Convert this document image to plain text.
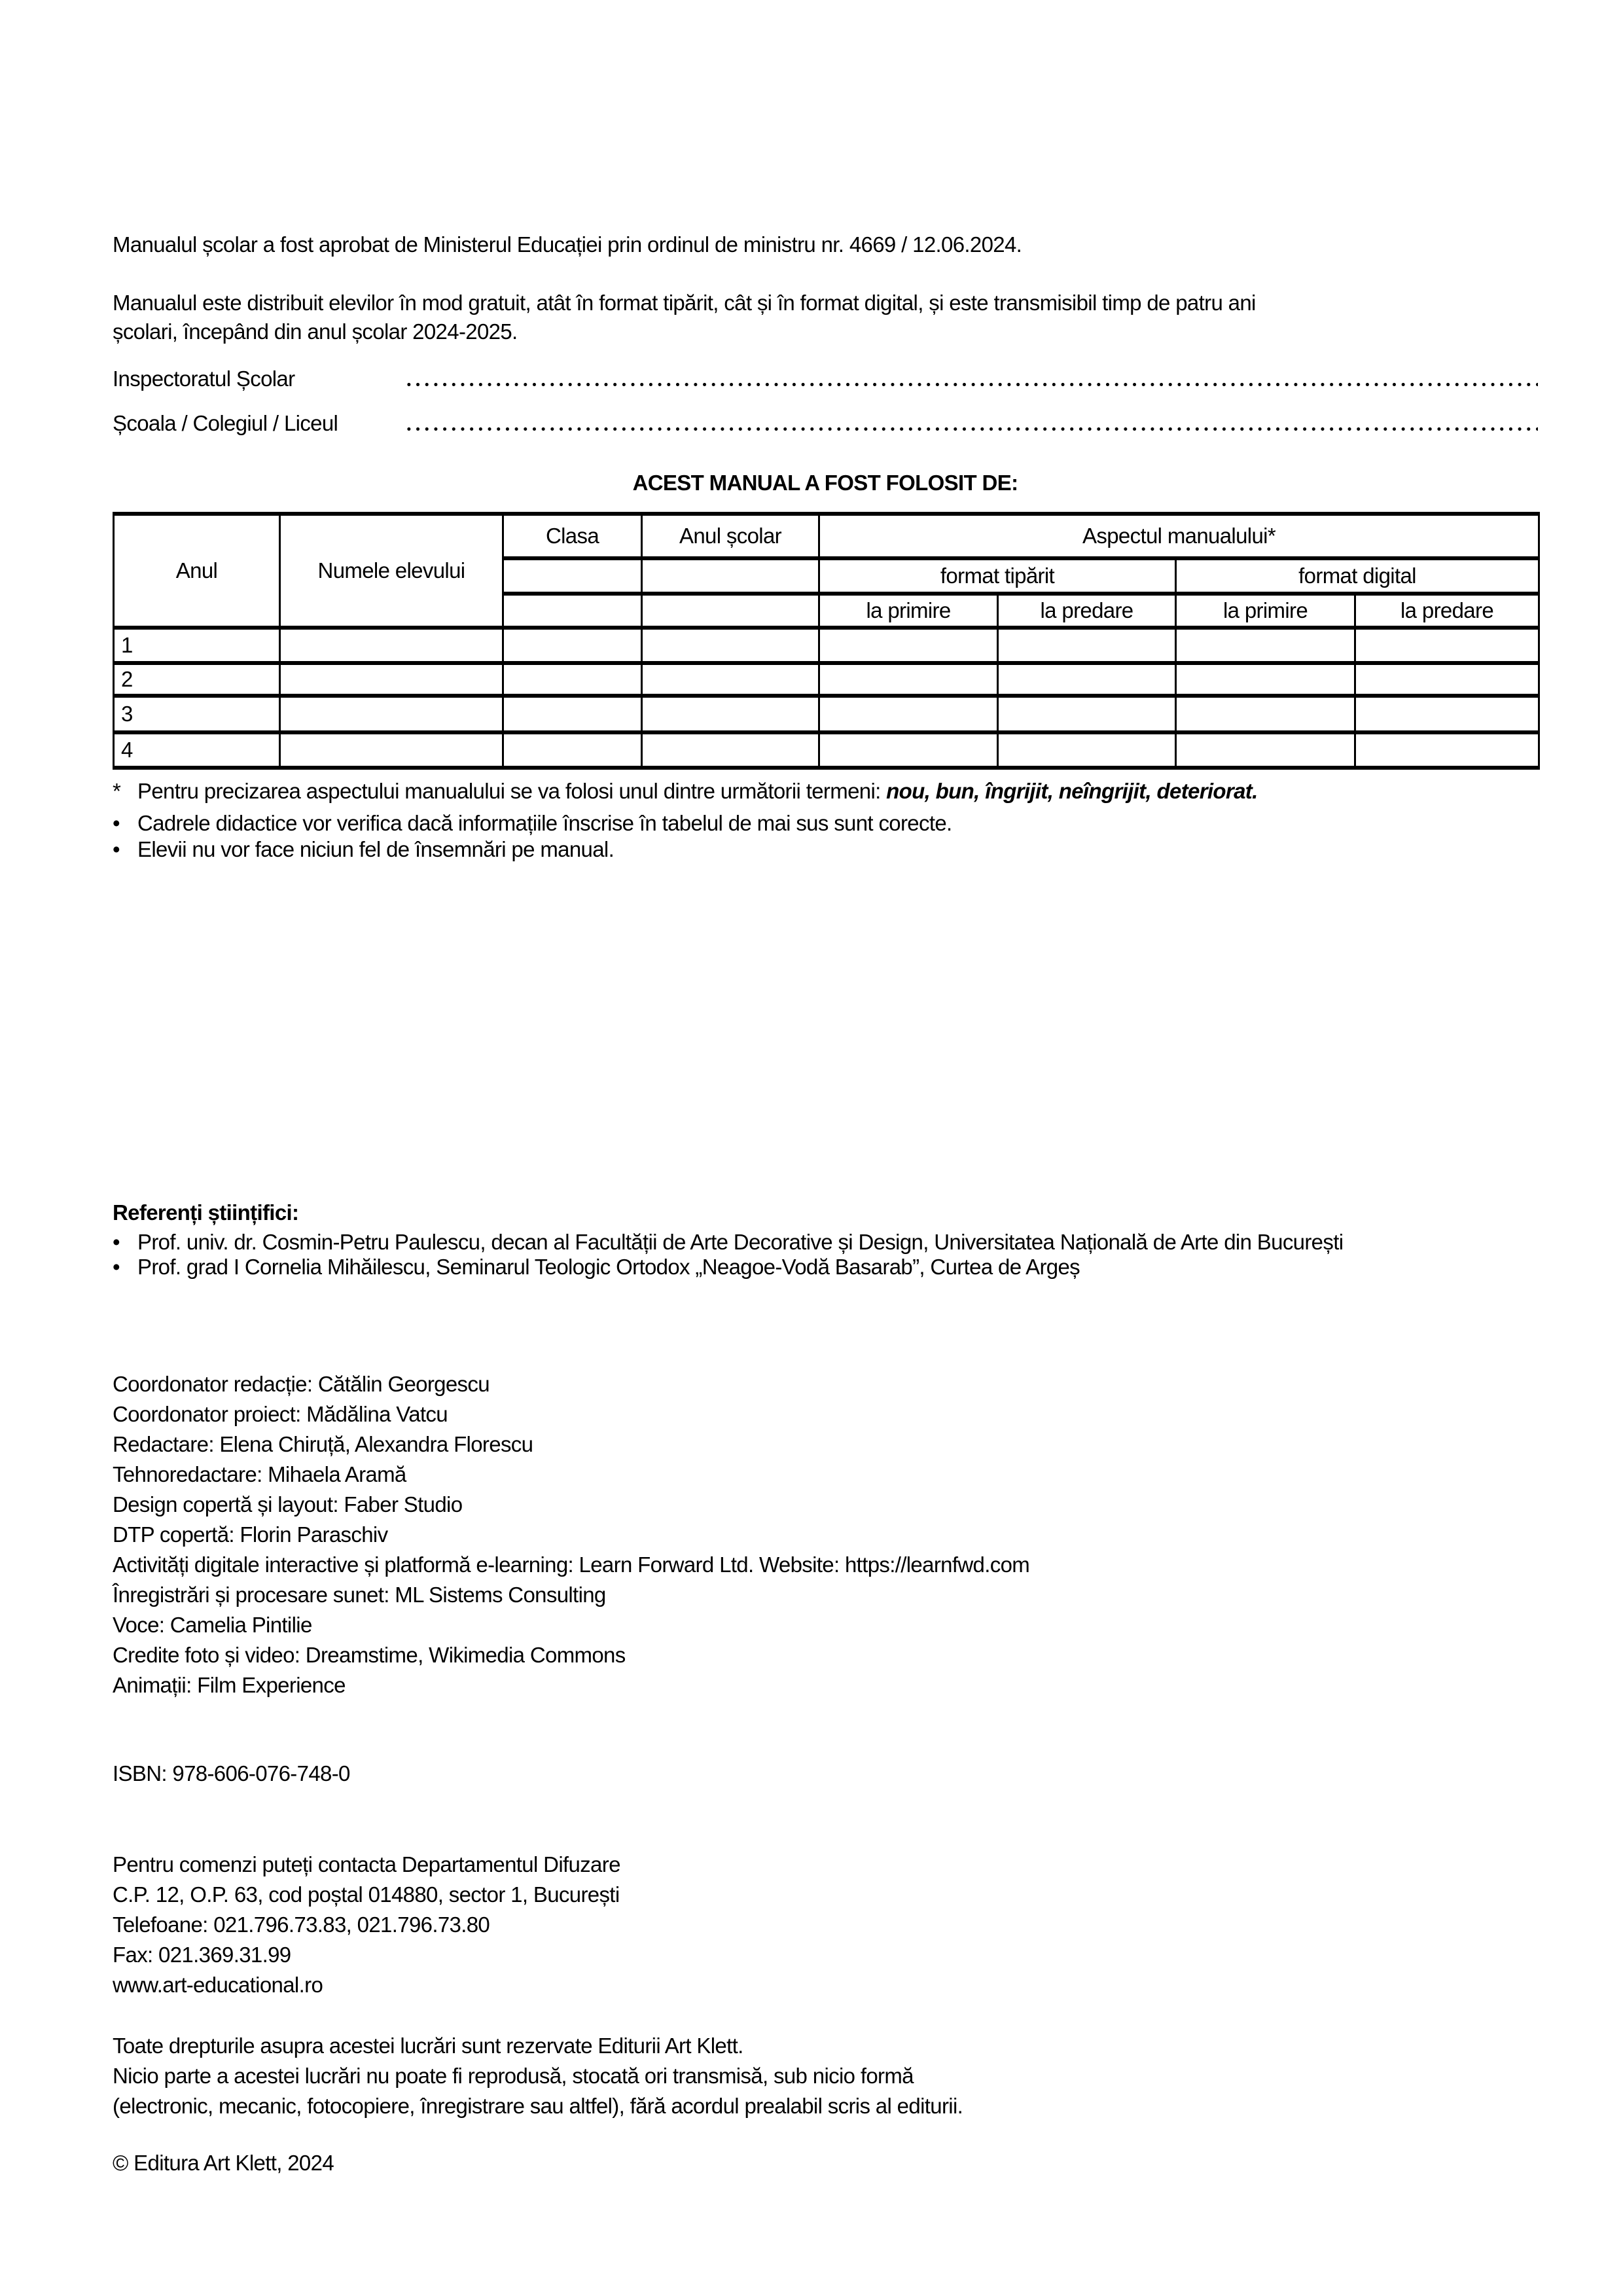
Manualul școlar a fost aprobat de Ministerul Educației prin ordinul de ministru nr. 4669 / 12.06.2024.

Manualul este distribuit elevilor în mod gratuit, atât în format tipărit, cât și în format digital, și este transmisibil timp de patru ani
școlari, începând din anul școlar 2024-2025.
Inspectoratul Școlar
Școala / Colegiul / Liceul
ACEST MANUAL A FOST FOLOSIT DE:
Anul	Numele elevului	Clasa	Anul școlar	Aspectul manualului*			
				format tipărit		format digital	
				la primire	la predare	la primire	la predare
1							
2							
3							
4							
* Pentru precizarea aspectului manualului se va folosi unul dintre următorii termeni: nou, bun, îngrijit, neîngrijit, deteriorat.
• Cadrele didactice vor verifica dacă informațiile înscrise în tabelul de mai sus sunt corecte.
• Elevii nu vor face niciun fel de însemnări pe manual.
Referenți științifici:
• Prof. univ. dr. Cosmin-Petru Paulescu, decan al Facultății de Arte Decorative și Design, Universitatea Națională de Arte din București
• Prof. grad I Cornelia Mihăilescu, Seminarul Teologic Ortodox „Neagoe-Vodă Basarab”, Curtea de Argeș
Coordonator redacție: Cătălin Georgescu
Coordonator proiect: Mădălina Vatcu
Redactare: Elena Chiruță, Alexandra Florescu
Tehnoredactare: Mihaela Aramă
Design copertă și layout: Faber Studio
DTP copertă: Florin Paraschiv
Activități digitale interactive și platformă e-learning: Learn Forward Ltd. Website: https://learnfwd.com
Înregistrări și procesare sunet: ML Sistems Consulting
Voce: Camelia Pintilie
Credite foto și video: Dreamstime, Wikimedia Commons
Animații: Film Experience

ISBN: 978-606-076-748-0

Pentru comenzi puteți contacta Departamentul Difuzare
C.P. 12, O.P. 63, cod poștal 014880, sector 1, București
Telefoane: 021.796.73.83, 021.796.73.80
Fax: 021.369.31.99
www.art-educational.ro
Toate drepturile asupra acestei lucrări sunt rezervate Editurii Art Klett.
Nicio parte a acestei lucrări nu poate fi reprodusă, stocată ori transmisă, sub nicio formă
(electronic, mecanic, fotocopiere, înregistrare sau altfel), fără acordul prealabil scris al editurii.

© Editura Art Klett, 2024
